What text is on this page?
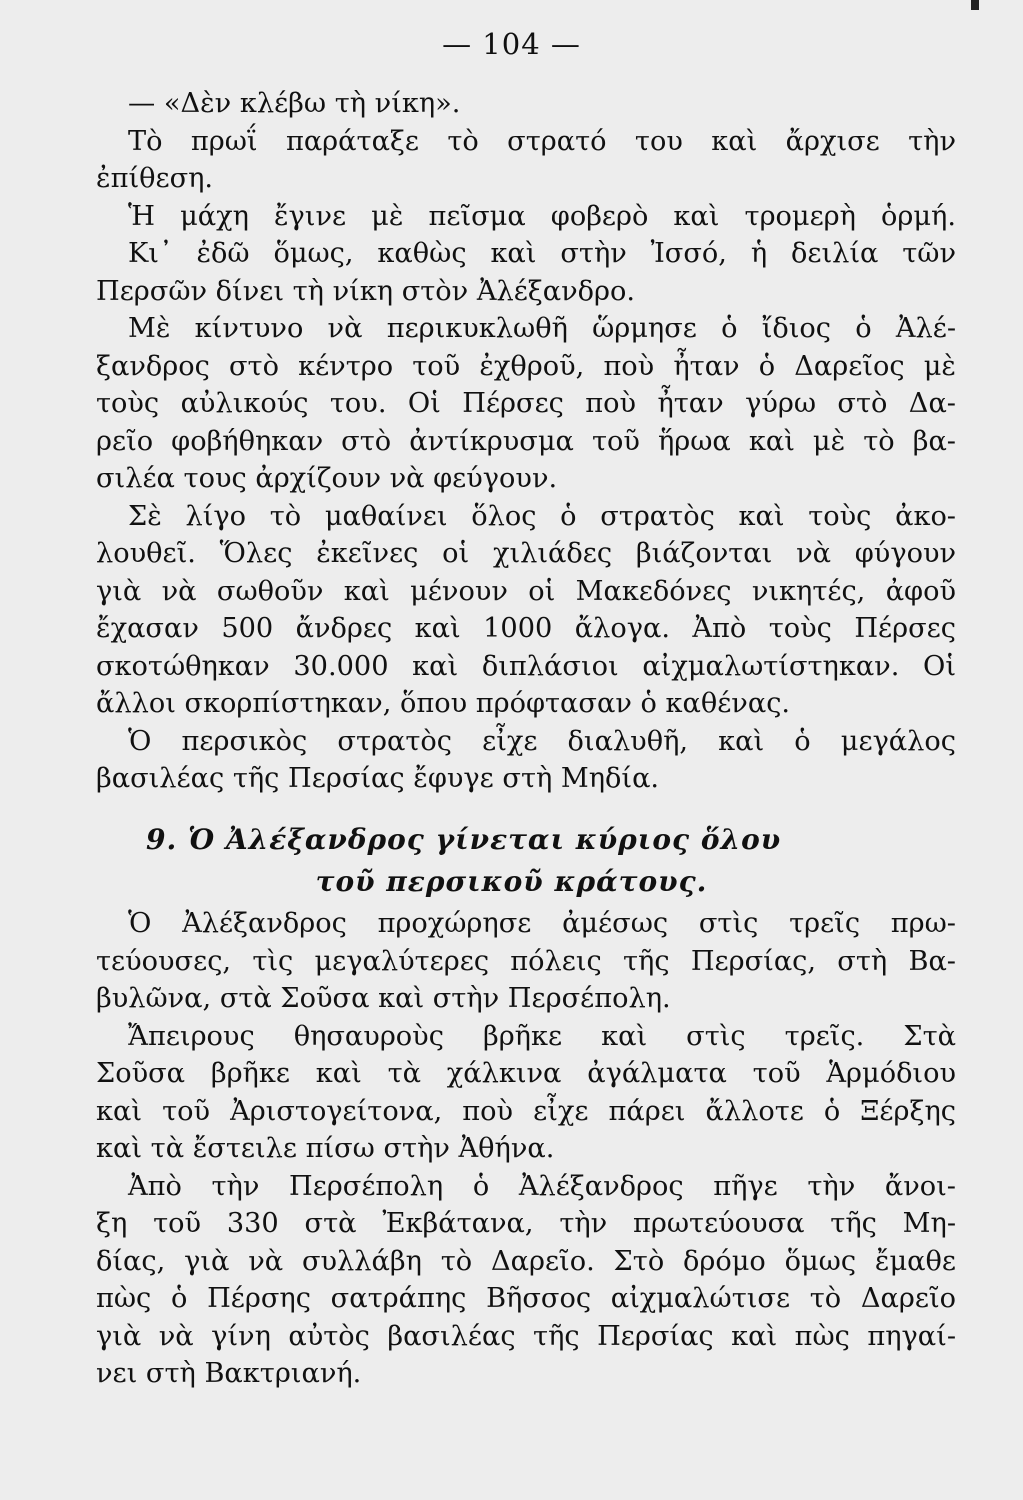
— 104 —
— «Δὲν κλέβω τὴ νίκη».
Τὸ πρωΐ παράταξε τὸ στρατό του καὶ ἄρχισε τὴν
ἐπίθεση.
Ἡ μάχη ἔγινε μὲ πεῖσμα φοβερὸ καὶ τρομερὴ ὁρμή.
Κι᾽ ἐδῶ ὅμως, καθὼς καὶ στὴν Ἰσσό, ἡ δειλία τῶν
Περσῶν δίνει τὴ νίκη στὸν Ἀλέξανδρο.
Μὲ κίντυνο νὰ περικυκλωθῆ ὥρμησε ὁ ἴδιος ὁ Ἀλέ-
ξανδρος στὸ κέντρο τοῦ ἐχθροῦ, ποὺ ἦταν ὁ Δαρεῖος μὲ
τοὺς αὐλικούς του. Οἱ Πέρσες ποὺ ἦταν γύρω στὸ Δα-
ρεῖο φοβήθηκαν στὸ ἀντίκρυσμα τοῦ ἥρωα καὶ μὲ τὸ βα-
σιλέα τους ἀρχίζουν νὰ φεύγουν.
Σὲ λίγο τὸ μαθαίνει ὅλος ὁ στρατὸς καὶ τοὺς ἀκο-
λουθεῖ. Ὅλες ἐκεῖνες οἱ χιλιάδες βιάζονται νὰ φύγουν
γιὰ νὰ σωθοῦν καὶ μένουν οἱ Μακεδόνες νικητές, ἀφοῦ
ἔχασαν 500 ἄνδρες καὶ 1000 ἄλογα. Ἀπὸ τοὺς Πέρσες
σκοτώθηκαν 30.000 καὶ διπλάσιοι αἰχμαλωτίστηκαν. Οἱ
ἄλλοι σκορπίστηκαν, ὅπου πρόφτασαν ὁ καθένας.
Ὁ περσικὸς στρατὸς εἶχε διαλυθῆ, καὶ ὁ μεγάλος
βασιλέας τῆς Περσίας ἔφυγε στὴ Μηδία.
9. Ὁ Ἀλέξανδρος γίνεται κύριος ὅλου
τοῦ περσικοῦ κράτους.
Ὁ Ἀλέξανδρος προχώρησε ἀμέσως στὶς τρεῖς πρω-
τεύουσες, τὶς μεγαλύτερες πόλεις τῆς Περσίας, στὴ Βα-
βυλῶνα, στὰ Σοῦσα καὶ στὴν Περσέπολη.
Ἄπειρους θησαυροὺς βρῆκε καὶ στὶς τρεῖς. Στὰ
Σοῦσα βρῆκε καὶ τὰ χάλκινα ἀγάλματα τοῦ Ἁρμόδιου
καὶ τοῦ Ἀριστογείτονα, ποὺ εἶχε πάρει ἄλλοτε ὁ Ξέρξης
καὶ τὰ ἔστειλε πίσω στὴν Ἀθήνα.
Ἀπὸ τὴν Περσέπολη ὁ Ἀλέξανδρος πῆγε τὴν ἄνοι-
ξη τοῦ 330 στὰ Ἐκβάτανα, τὴν πρωτεύουσα τῆς Μη-
δίας, γιὰ νὰ συλλάβη τὸ Δαρεῖο. Στὸ δρόμο ὅμως ἔμαθε
πὼς ὁ Πέρσης σατράπης Βῆσσος αἰχμαλώτισε τὸ Δαρεῖο
γιὰ νὰ γίνη αὐτὸς βασιλέας τῆς Περσίας καὶ πὼς πηγαί-
νει στὴ Βακτριανή.
